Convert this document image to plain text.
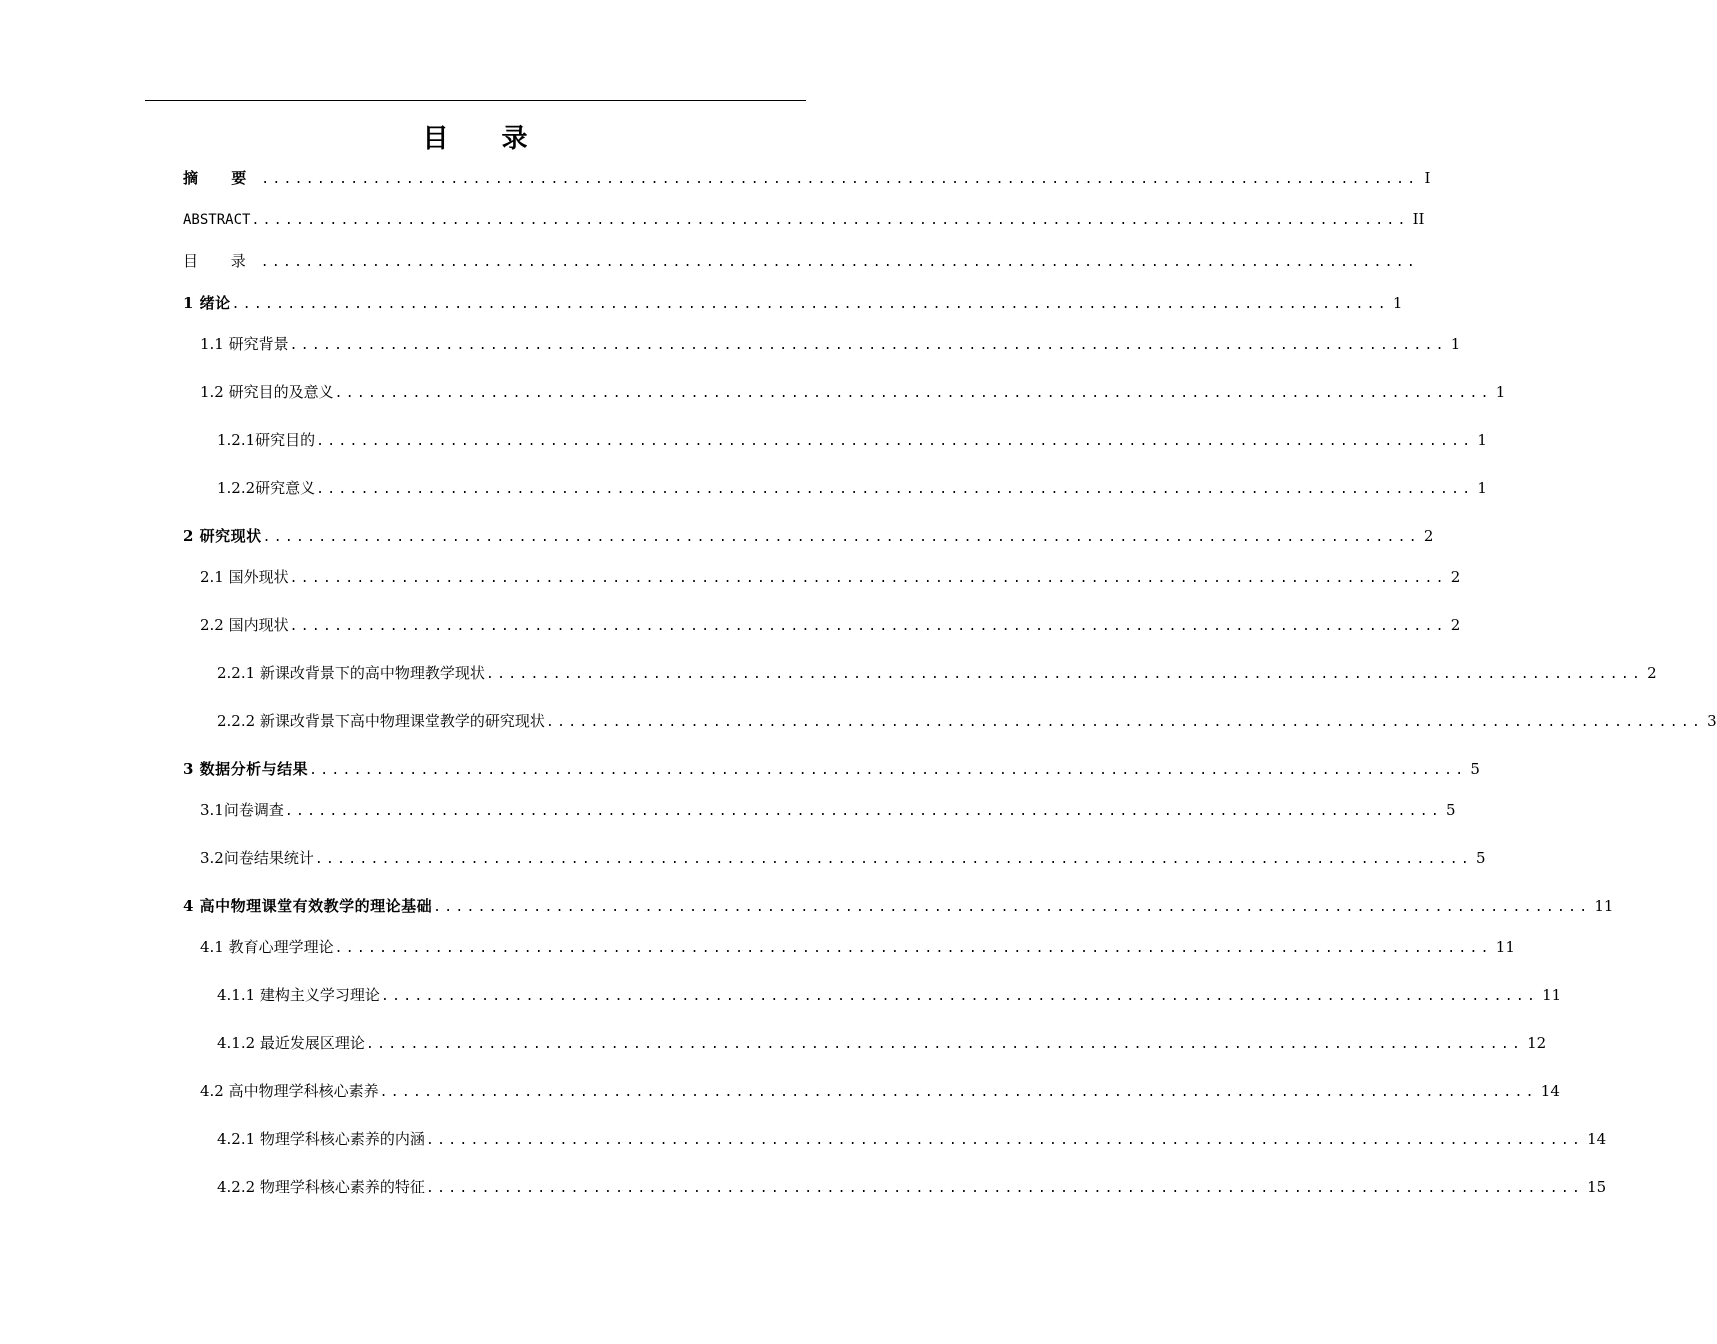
目 录
摘 要 ........................................................................................................ I
ABSTRACT ........................................................................................................ II
目 录 ........................................................................................................
1 绪论 ........................................................................................................ 1
1.1 研究背景 ........................................................................................................ 1
1.2 研究目的及意义 ........................................................................................................ 1
1.2.1研究目的 ........................................................................................................ 1
1.2.2研究意义 ........................................................................................................ 1
2 研究现状 ........................................................................................................ 2
2.1 国外现状 ........................................................................................................ 2
2.2 国内现状 ........................................................................................................ 2
2.2.1 新课改背景下的高中物理教学现状 ........................................................................................................ 2
2.2.2 新课改背景下高中物理课堂教学的研究现状 ........................................................................................................ 3
3 数据分析与结果 ........................................................................................................ 5
3.1问卷调查 ........................................................................................................ 5
3.2问卷结果统计 ........................................................................................................ 5
4 高中物理课堂有效教学的理论基础 ........................................................................................................ 11
4.1 教育心理学理论 ........................................................................................................ 11
4.1.1 建构主义学习理论 ........................................................................................................ 11
4.1.2 最近发展区理论 ........................................................................................................ 12
4.2 高中物理学科核心素养 ........................................................................................................ 14
4.2.1 物理学科核心素养的内涵 ........................................................................................................ 14
4.2.2 物理学科核心素养的特征 ........................................................................................................ 15
